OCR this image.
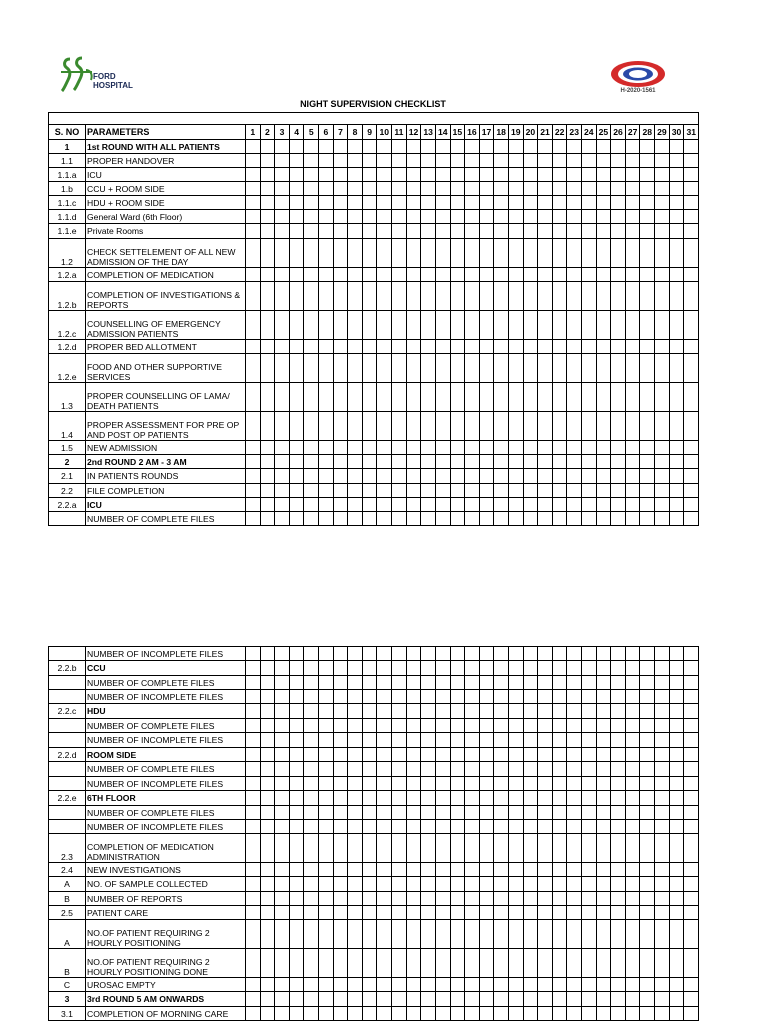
FORD
HOSPITAL
H-2020-1561
NIGHT SUPERVISION CHECKLIST

S. NO	PARAMETERS	1	2	3	4	5	6	7	8	9	10	11	12	13	14	15	16	17	18	19	20	21	22	23	24	25	26	27	28	29	30	31
1	1st ROUND WITH ALL PATIENTS																															
1.1	PROPER HANDOVER																															
1.1.a	ICU																															
1.b	CCU + ROOM SIDE																															
1.1.c	HDU + ROOM SIDE																															
1.1.d	General Ward (6th Floor)																															
1.1.e	Private Rooms																															
1.2	CHECK SETTELEMENT OF ALL NEW ADMISSION OF THE DAY																															
1.2.a	COMPLETION OF MEDICATION																															
1.2.b	COMPLETION OF INVESTIGATIONS & REPORTS																															
1.2.c	COUNSELLING OF EMERGENCY ADMISSION PATIENTS																															
1.2.d	PROPER BED ALLOTMENT																															
1.2.e	FOOD AND OTHER SUPPORTIVE SERVICES																															
1.3	PROPER COUNSELLING OF LAMA/ DEATH PATIENTS																															
1.4	PROPER ASSESSMENT FOR PRE OP AND POST OP PATIENTS																															
1.5	NEW ADMISSION																															
2	2nd ROUND 2 AM - 3 AM																															
2.1	IN PATIENTS ROUNDS																															
2.2	FILE COMPLETION																															
2.2.a	ICU																															
	NUMBER OF COMPLETE FILES																															
	NUMBER OF INCOMPLETE FILES																															
2.2.b	CCU																															
	NUMBER OF COMPLETE FILES																															
	NUMBER OF INCOMPLETE FILES																															
2.2.c	HDU																															
	NUMBER OF COMPLETE FILES																															
	NUMBER OF INCOMPLETE FILES																															
2.2.d	ROOM SIDE																															
	NUMBER OF COMPLETE FILES																															
	NUMBER OF INCOMPLETE FILES																															
2.2.e	6TH FLOOR																															
	NUMBER OF COMPLETE FILES																															
	NUMBER OF INCOMPLETE FILES																															
2.3	COMPLETION OF MEDICATION ADMINISTRATION																															
2.4	NEW INVESTIGATIONS																															
A	NO. OF SAMPLE COLLECTED																															
B	NUMBER OF REPORTS																															
2.5	PATIENT CARE																															
A	NO.OF PATIENT REQUIRING 2 HOURLY POSITIONING																															
B	NO.OF PATIENT REQUIRING 2 HOURLY POSITIONING DONE																															
C	UROSAC EMPTY																															
3	3rd ROUND 5 AM ONWARDS																															
3.1	COMPLETION OF MORNING CARE																															
